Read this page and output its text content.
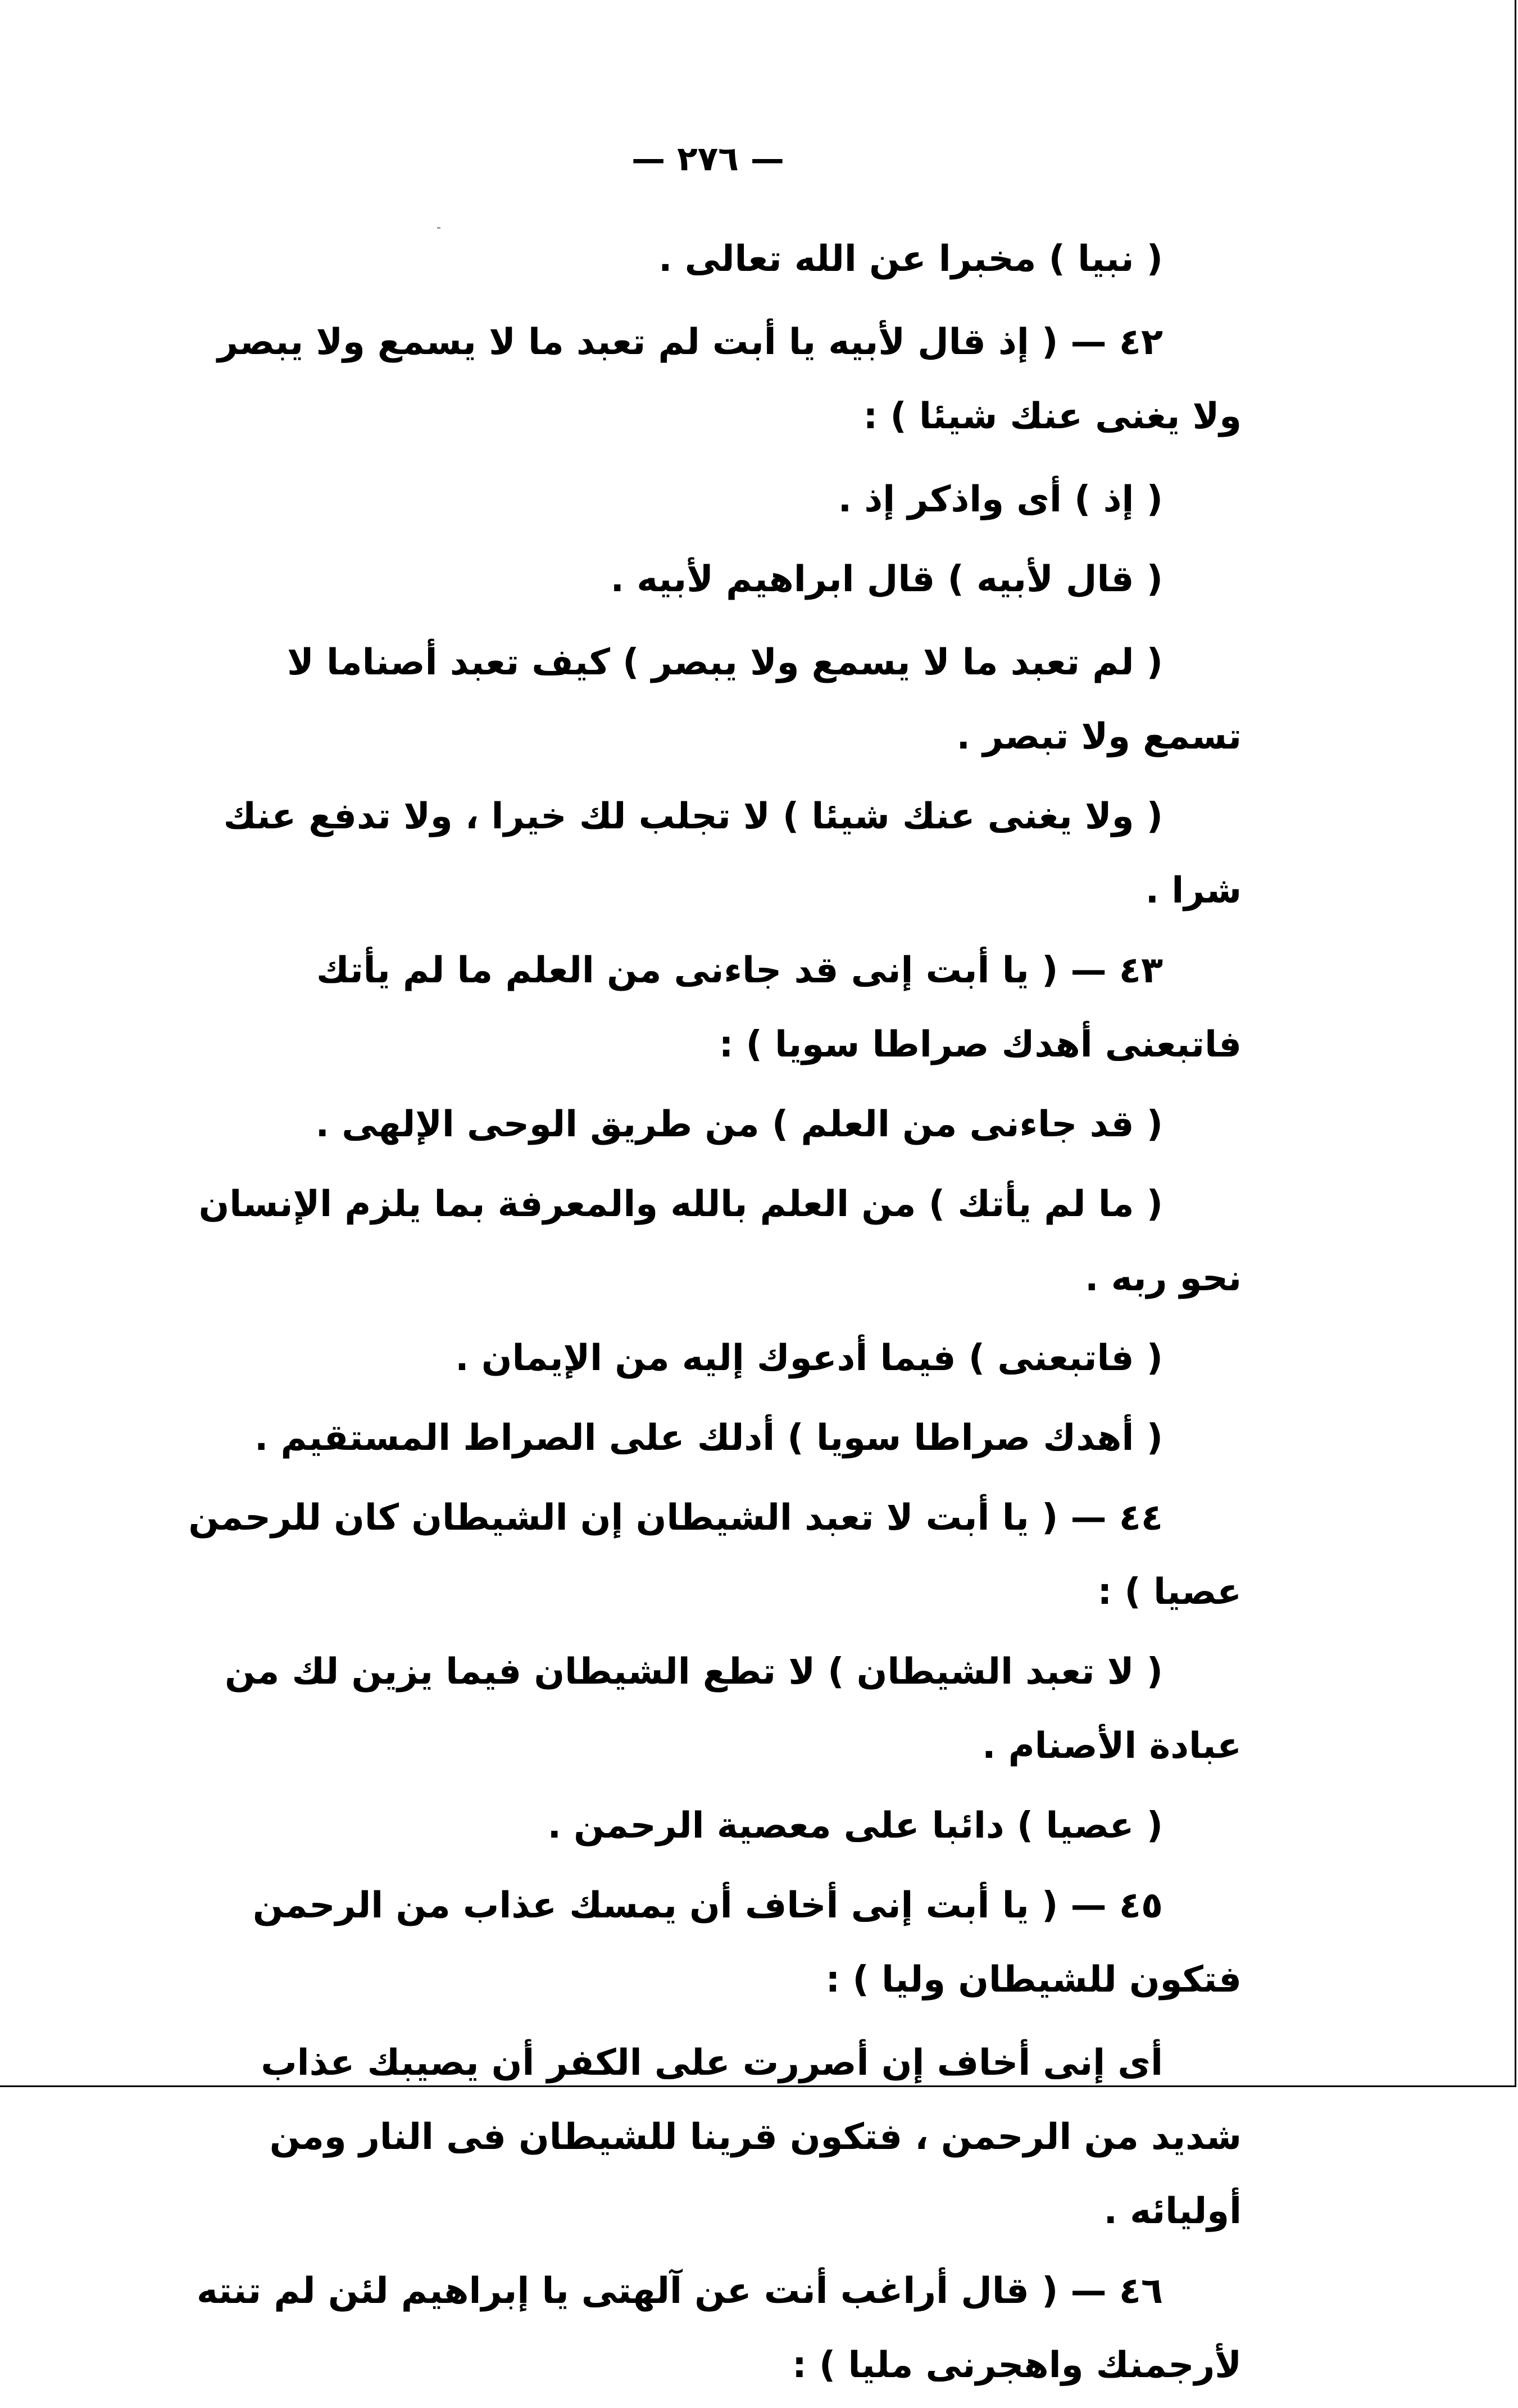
— ٢٧٦ —

( نبيا ) مخبرا عن الله تعالى .

٤٢ — ( إذ قال لأبيه يا أبت لم تعبد ما لا يسمع ولا يبصر ولا يغنى عنك شيئا ) :

( إذ ) أى واذكر إذ .

( قال لأبيه ) قال ابراهيم لأبيه .

( لم تعبد ما لا يسمع ولا يبصر ) كيف تعبد أصناما لا تسمع ولا تبصر .

( ولا يغنى عنك شيئا ) لا تجلب لك خيرا ، ولا تدفع عنك شرا .

٤٣ — ( يا أبت إنى قد جاءنى من العلم ما لم يأتك فاتبعنى أهدك صراطا سويا ) :

( قد جاءنى من العلم ) من طريق الوحى الإلهى .

( ما لم يأتك ) من العلم بالله والمعرفة بما يلزم الإنسان نحو ربه .

( فاتبعنى ) فيما أدعوك إليه من الإيمان .

( أهدك صراطا سويا ) أدلك على الصراط المستقيم .

٤٤ — ( يا أبت لا تعبد الشيطان إن الشيطان كان للرحمن عصيا ) :

( لا تعبد الشيطان ) لا تطع الشيطان فيما يزين لك من عبادة الأصنام .

( عصيا ) دائبا على معصية الرحمن .

٤٥ — ( يا أبت إنى أخاف أن يمسك عذاب من الرحمن فتكون للشيطان وليا ) :

أى إنى أخاف إن أصررت على الكفر أن يصيبك عذاب شديد من الرحمن ، فتكون قرينا للشيطان فى النار ومن أوليائه .

٤٦ — ( قال أراغب أنت عن آلهتى يا إبراهيم لئن لم تنته لأرجمنك واهجرنى مليا ) :
